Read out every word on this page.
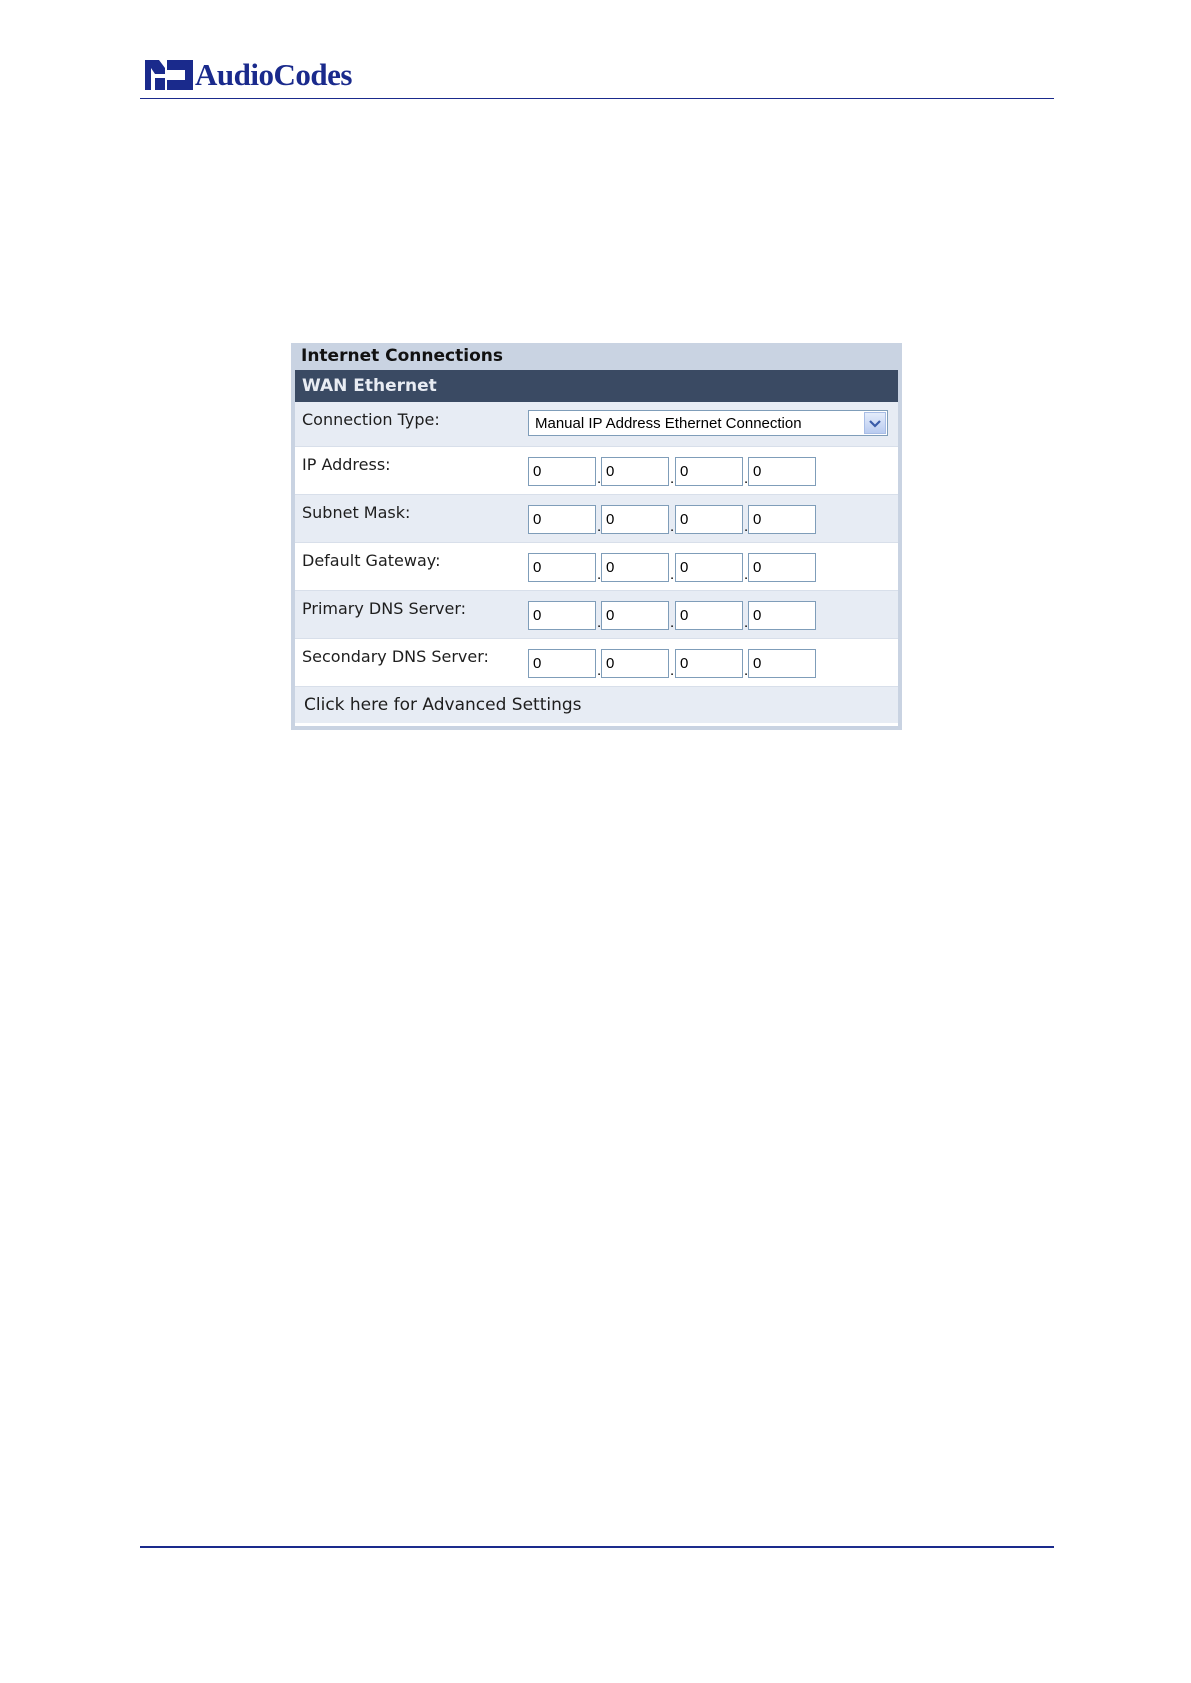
AudioCodes
Internet Connections
WAN Ethernet
Connection Type:	Manual IP Address Ethernet Connection
IP Address:	0	. 0	. 0	. 0
Subnet Mask:	0	. 0	. 0	. 0
Default Gateway:	0	. 0	. 0	. 0
Primary DNS Server:	0	. 0	. 0	. 0
Secondary DNS Server:	0	. 0	. 0	. 0
Click here for Advanced Settings
